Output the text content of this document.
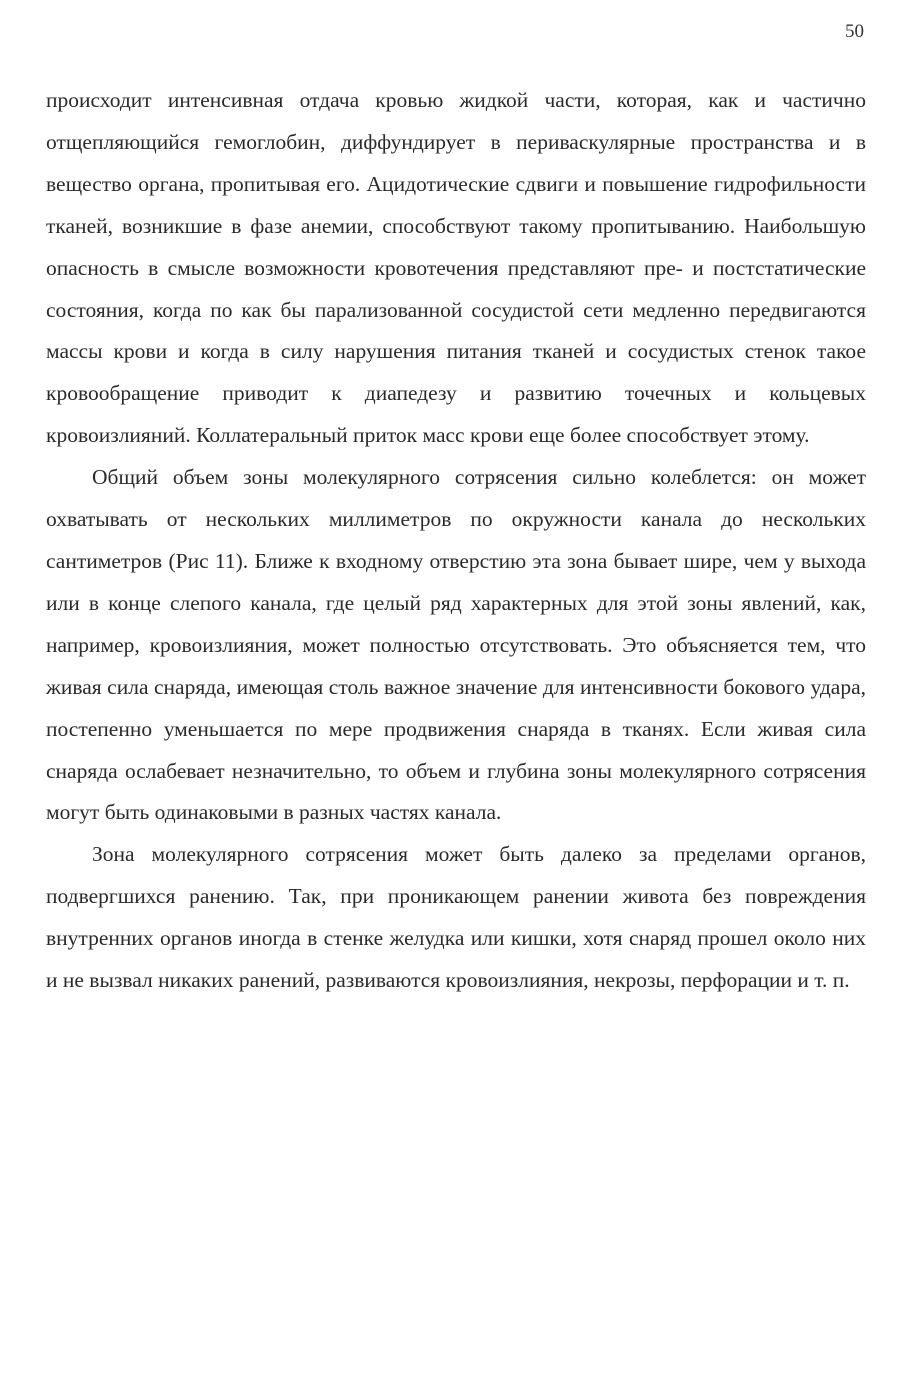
50

происходит интенсивная отдача кровью жидкой части, которая, как и частично отщепляющийся гемоглобин, диффундирует в периваскулярные пространства и в вещество органа, пропитывая его. Ацидотические сдвиги и повышение гидрофильности тканей, возникшие в фазе анемии, способствуют такому пропитыванию. Наибольшую опасность в смысле возможности кровотечения представляют пре- и постстатические состояния, когда по как бы парализованной сосудистой сети медленно передвигаются массы крови и когда в силу нарушения питания тканей и сосудистых стенок такое кровообращение приводит к диапедезу и развитию точечных и кольцевых кровоизлияний. Коллатеральный приток масс крови еще более способствует этому.

Общий объем зоны молекулярного сотрясения сильно колеблется: он может охватывать от нескольких миллиметров по окружности канала до нескольких сантиметров (Рис 11). Ближе к входному отверстию эта зона бывает шире, чем у выхода или в конце слепого канала, где целый ряд характерных для этой зоны явлений, как, например, кровоизлияния, может полностью отсутствовать. Это объясняется тем, что живая сила снаряда, имеющая столь важное значение для интенсивности бокового удара, постепенно уменьшается по мере продвижения снаряда в тканях. Если живая сила снаряда ослабевает незначительно, то объем и глубина зоны молекулярного сотрясения могут быть одинаковыми в разных частях канала.

Зона молекулярного сотрясения может быть далеко за пределами органов, подвергшихся ранению. Так, при проникающем ранении живота без повреждения внутренних органов иногда в стенке желудка или кишки, хотя снаряд прошел около них и не вызвал никаких ранений, развиваются кровоизлияния, некрозы, перфорации и т. п.
